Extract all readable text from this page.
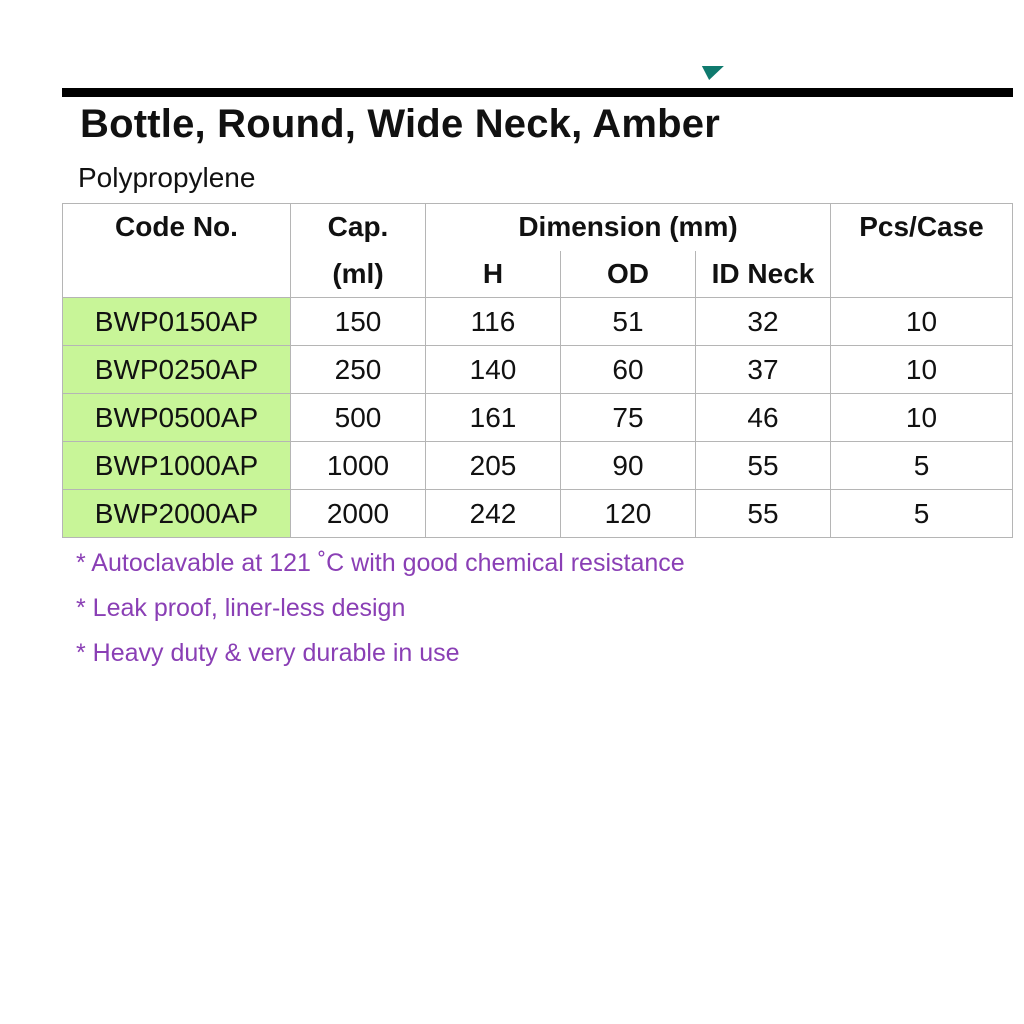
Bottle, Round, Wide Neck, Amber
Polypropylene
Code No.	Cap.	Dimension (mm)			Pcs/Case
	(ml)	H	OD	ID Neck	
BWP0150AP	150	116	51	32	10
BWP0250AP	250	140	60	37	10
BWP0500AP	500	161	75	46	10
BWP1000AP	1000	205	90	55	5
BWP2000AP	2000	242	120	55	5
* Autoclavable at 121 ˚C with good chemical resistance
* Leak proof, liner-less design
* Heavy duty & very durable in use
